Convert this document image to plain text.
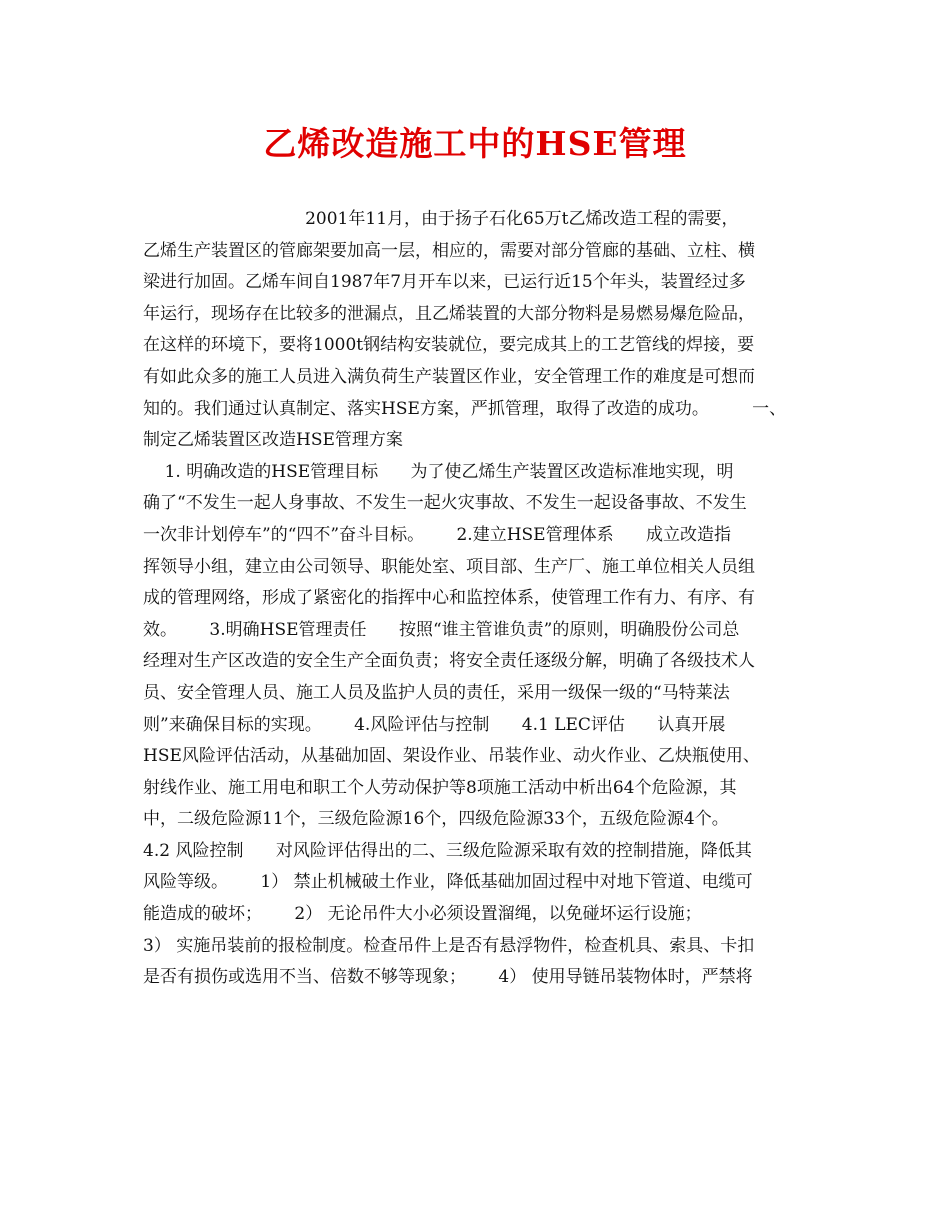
乙烯改造施工中的HSE管理
2001年11月，由于扬子石化65万t乙烯改造工程的需要，
乙烯生产装置区的管廊架要加高一层，相应的，需要对部分管廊的基础、立柱、横
梁进行加固。乙烯车间自1987年7月开车以来，已运行近15个年头，装置经过多
年运行，现场存在比较多的泄漏点，且乙烯装置的大部分物料是易燃易爆危险品，
在这样的环境下，要将1000t钢结构安装就位，要完成其上的工艺管线的焊接，要
有如此众多的施工人员进入满负荷生产装置区作业，安全管理工作的难度是可想而
知的。我们通过认真制定、落实HSE方案，严抓管理，取得了改造的成功。        一、
制定乙烯装置区改造HSE管理方案
1. 明确改造的HSE管理目标      为了使乙烯生产装置区改造标准地实现，明
确了“不发生一起人身事故、不发生一起火灾事故、不发生一起设备事故、不发生
一次非计划停车”的“四不”奋斗目标。      2.建立HSE管理体系      成立改造指
挥领导小组，建立由公司领导、职能处室、项目部、生产厂、施工单位相关人员组
成的管理网络，形成了紧密化的指挥中心和监控体系，使管理工作有力、有序、有
效。      3.明确HSE管理责任      按照“谁主管谁负责”的原则，明确股份公司总
经理对生产区改造的安全生产全面负责；将安全责任逐级分解，明确了各级技术人
员、安全管理人员、施工人员及监护人员的责任，采用一级保一级的“马特莱法
则”来确保目标的实现。      4.风险评估与控制      4.1 LEC评估      认真开展
HSE风险评估活动，从基础加固、架设作业、吊装作业、动火作业、乙炔瓶使用、
射线作业、施工用电和职工个人劳动保护等8项施工活动中析出64个危险源，其
中，二级危险源11个，三级危险源16个，四级危险源33个，五级危险源4个。
4.2 风险控制      对风险评估得出的二、三级危险源采取有效的控制措施，降低其
风险等级。      1） 禁止机械破土作业，降低基础加固过程中对地下管道、电缆可
能造成的破坏；      2） 无论吊件大小必须设置溜绳，以免碰坏运行设施；
3） 实施吊装前的报检制度。检查吊件上是否有悬浮物件，检查机具、索具、卡扣
是否有损伤或选用不当、倍数不够等现象；      4） 使用导链吊装物体时，严禁将
